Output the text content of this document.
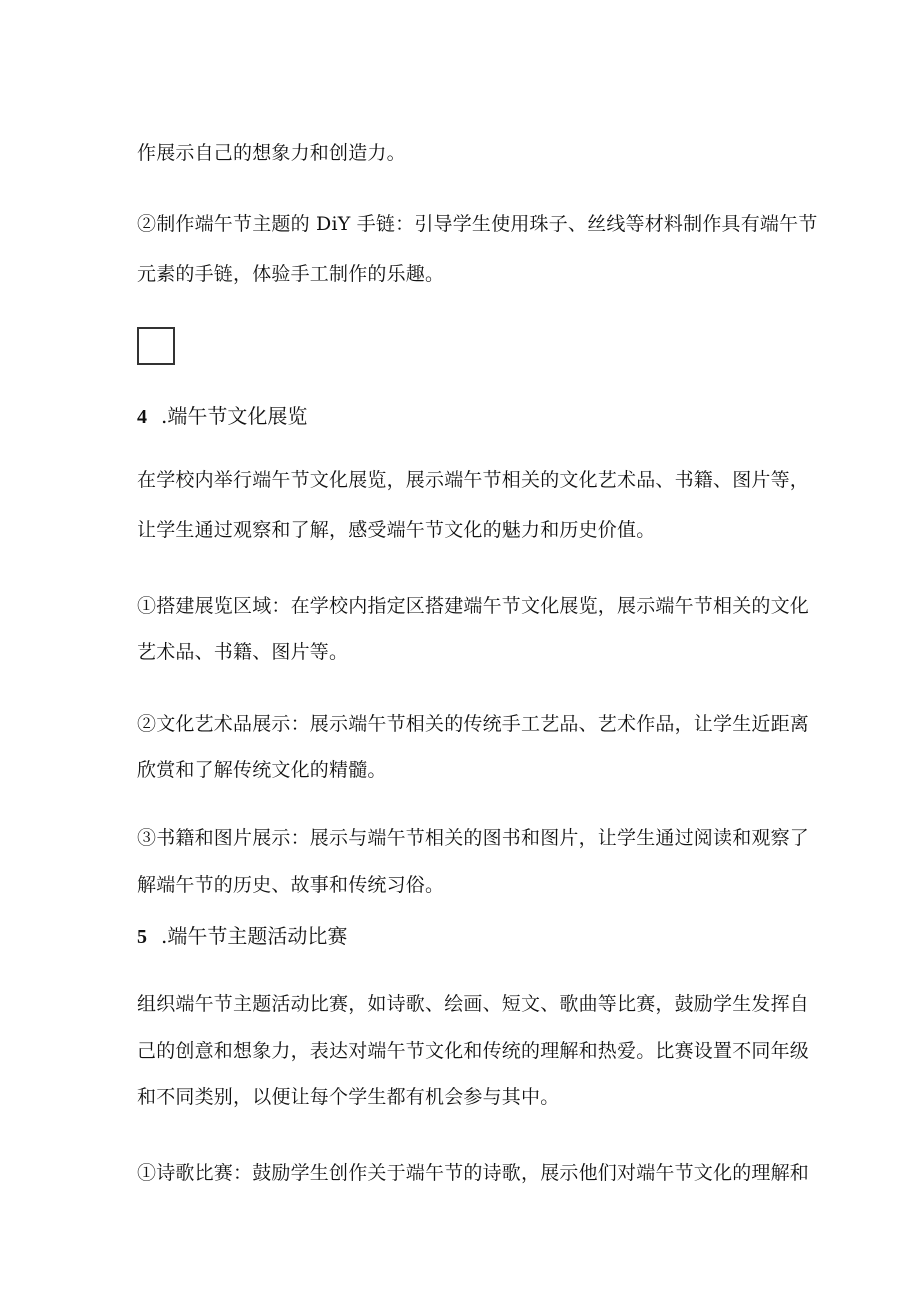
作展示自己的想象力和创造力。
②制作端午节主题的 DiY 手链：引导学生使用珠子、丝线等材料制作具有端午节
元素的手链，体验手工制作的乐趣。
4 .端午节文化展览
在学校内举行端午节文化展览，展示端午节相关的文化艺术品、书籍、图片等，
让学生通过观察和了解，感受端午节文化的魅力和历史价值。
①搭建展览区域：在学校内指定区搭建端午节文化展览，展示端午节相关的文化
艺术品、书籍、图片等。
②文化艺术品展示：展示端午节相关的传统手工艺品、艺术作品，让学生近距离
欣赏和了解传统文化的精髓。
③书籍和图片展示：展示与端午节相关的图书和图片，让学生通过阅读和观察了
解端午节的历史、故事和传统习俗。
5 .端午节主题活动比赛
组织端午节主题活动比赛，如诗歌、绘画、短文、歌曲等比赛，鼓励学生发挥自
己的创意和想象力，表达对端午节文化和传统的理解和热爱。比赛设置不同年级
和不同类别，以便让每个学生都有机会参与其中。
①诗歌比赛：鼓励学生创作关于端午节的诗歌，展示他们对端午节文化的理解和
